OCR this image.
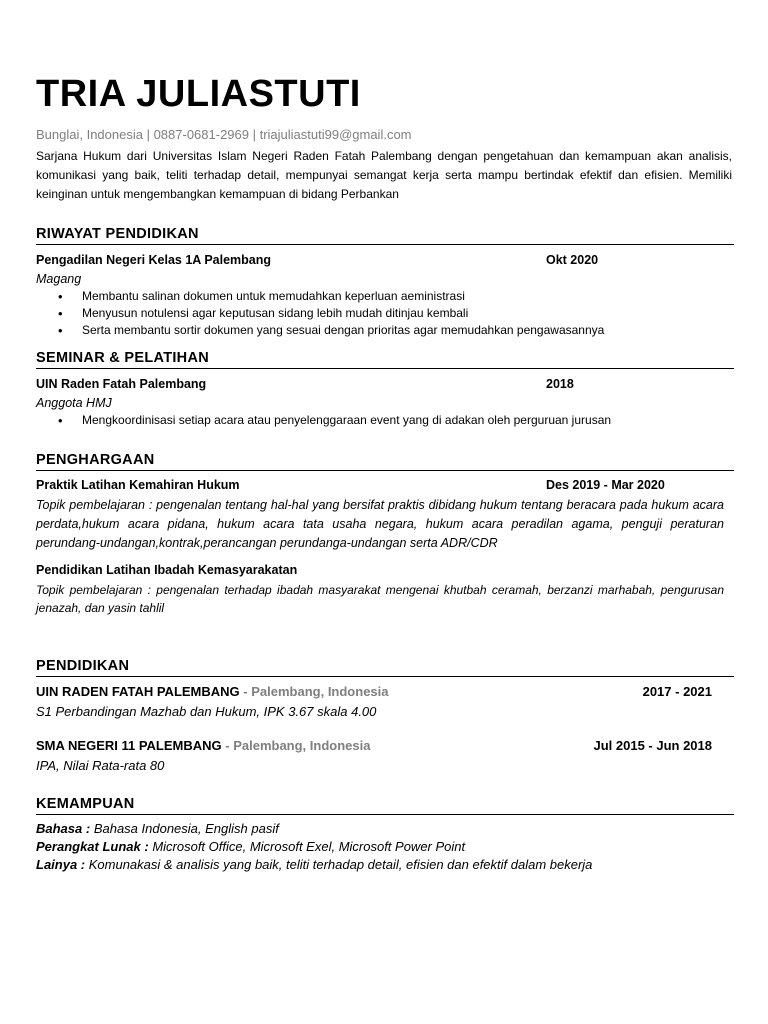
TRIA JULIASTUTI
Bunglai, Indonesia | 0887-0681-2969 | triajuliastuti99@gmail.com
Sarjana Hukum dari Universitas Islam Negeri Raden Fatah Palembang dengan pengetahuan dan kemampuan akan analisis, komunikasi yang baik, teliti terhadap detail, mempunyai semangat kerja serta mampu bertindak efektif dan efisien. Memiliki keinginan untuk mengembangkan kemampuan di bidang Perbankan
RIWAYAT PENDIDIKAN
Pengadilan Negeri Kelas 1A Palembang	Okt 2020
Magang
• Membantu salinan dokumen untuk memudahkan keperluan aeministrasi
• Menyusun notulensi agar keputusan sidang lebih mudah ditinjau kembali
• Serta membantu sortir dokumen yang sesuai dengan prioritas agar memudahkan pengawasannya
SEMINAR & PELATIHAN
UIN Raden Fatah Palembang	2018
Anggota HMJ
• Mengkoordinisasi setiap acara atau penyelenggaraan event yang di adakan oleh perguruan jurusan
PENGHARGAAN
Praktik Latihan Kemahiran Hukum	Des 2019 - Mar 2020
Topik pembelajaran : pengenalan tentang hal-hal yang bersifat praktis dibidang hukum tentang beracara pada hukum acara perdata,hukum acara pidana, hukum acara tata usaha negara, hukum acara peradilan agama, penguji peraturan perundang-undangan,kontrak,perancangan perundanga-undangan serta ADR/CDR
Pendidikan Latihan Ibadah Kemasyarakatan
Topik pembelajaran : pengenalan terhadap ibadah masyarakat mengenai khutbah ceramah, berzanzi marhabah, pengurusan jenazah, dan yasin tahlil
PENDIDIKAN
UIN RADEN FATAH PALEMBANG - Palembang, Indonesia	2017 - 2021
S1 Perbandingan Mazhab dan Hukum, IPK 3.67 skala 4.00
SMA NEGERI 11 PALEMBANG - Palembang, Indonesia	Jul 2015 - Jun 2018
IPA, Nilai Rata-rata 80
KEMAMPUAN
Bahasa : Bahasa Indonesia, English pasif
Perangkat Lunak : Microsoft Office, Microsoft Exel, Microsoft Power Point
Lainya : Komunakasi & analisis yang baik, teliti terhadap detail, efisien dan efektif dalam bekerja
